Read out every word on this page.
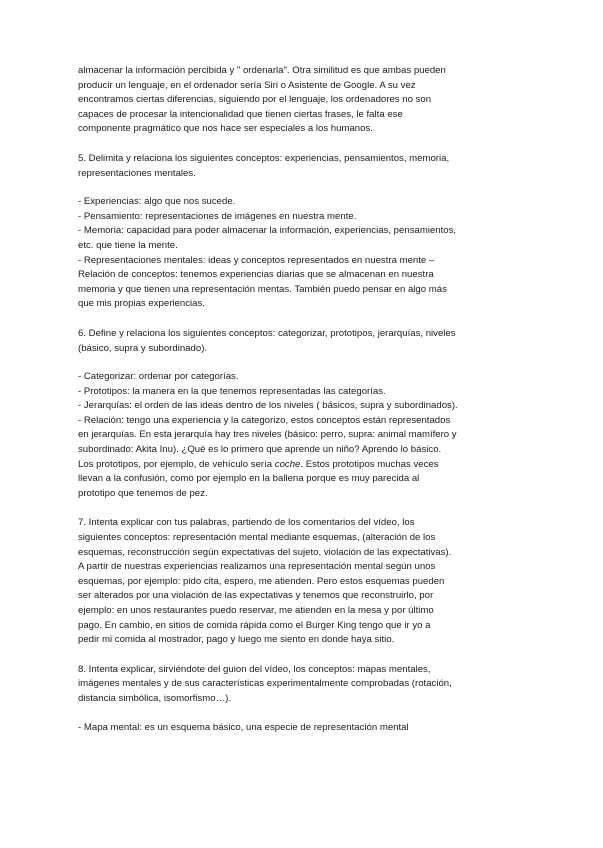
almacenar la información percibida y " ordenarla". Otra similitud es que ambas pueden
producir un lenguaje, en el ordenador sería Siri o Asistente de Google. A su vez
encontramos ciertas diferencias, siguiendo por el lenguaje, los ordenadores no son
capaces de procesar la intencionalidad que tienen ciertas frases, le falta ese
componente pragmático que nos hace ser especiales a los humanos.

5. Delimita y relaciona los siguientes conceptos: experiencias, pensamientos, memoria,
representaciones mentales.

- Experiencias: algo que nos sucede.

- Pensamiento: representaciones de imágenes en nuestra mente.

- Memoria: capacidad para poder almacenar la información, experiencias, pensamientos,
etc. que tiene la mente.

- Representaciones mentales: ideas y conceptos representados en nuestra mente –
Relación de conceptos: tenemos experiencias diarias que se almacenan en nuestra
memoria y que tienen una representación mentas. También puedo pensar en algo más
que mis propias experiencias.

6. Define y relaciona los siguientes conceptos: categorizar, prototipos, jerarquías, niveles
(básico, supra y subordinado).

- Categorizar: ordenar por categorías.

- Prototipos: la manera en la que tenemos representadas las categorías.

- Jerarquías: el orden de las ideas dentro de los niveles ( básicos, supra y subordinados).

- Relación: tengo una experiencia y la categorizo, estos conceptos están representados
en jerarquías. En esta jerarquía hay tres niveles (básico: perro, supra: animal mamífero y
subordinado: Akita Inu). ¿Qué es lo primero que aprende un niño? Aprendo lo básico.
Los prototipos, por ejemplo, de vehículo sería coche. Estos prototipos muchas veces
llevan a la confusión, como por ejemplo en la ballena porque es muy parecida al
prototipo que tenemos de pez.

7. Intenta explicar con tus palabras, partiendo de los comentarios del vídeo, los
siguientes conceptos: representación mental mediante esquemas, (alteración de los
esquemas, reconstrucción según expectativas del sujeto, violación de las expectativas).

A partir de nuestras experiencias realizamos una representación mental según unos
esquemas, por ejemplo: pido cita, espero, me atienden. Pero estos esquemas pueden
ser alterados por una violación de las expectativas y tenemos que reconstruirlo, por
ejemplo: en unos restaurantes puedo reservar, me atienden en la mesa y por último
pago. En cambio, en sitios de comida rápida como el Burger King tengo que ir yo a
pedir mi comida al mostrador, pago y luego me siento en donde haya sitio.

8. Intenta explicar, sirviéndote del guion del vídeo, los conceptos: mapas mentales,
imágenes mentales y de sus características experimentalmente comprobadas (rotación,
distancia simbólica, isomorfismo…).

- Mapa mental: es un esquema básico, una especie de representación mental
